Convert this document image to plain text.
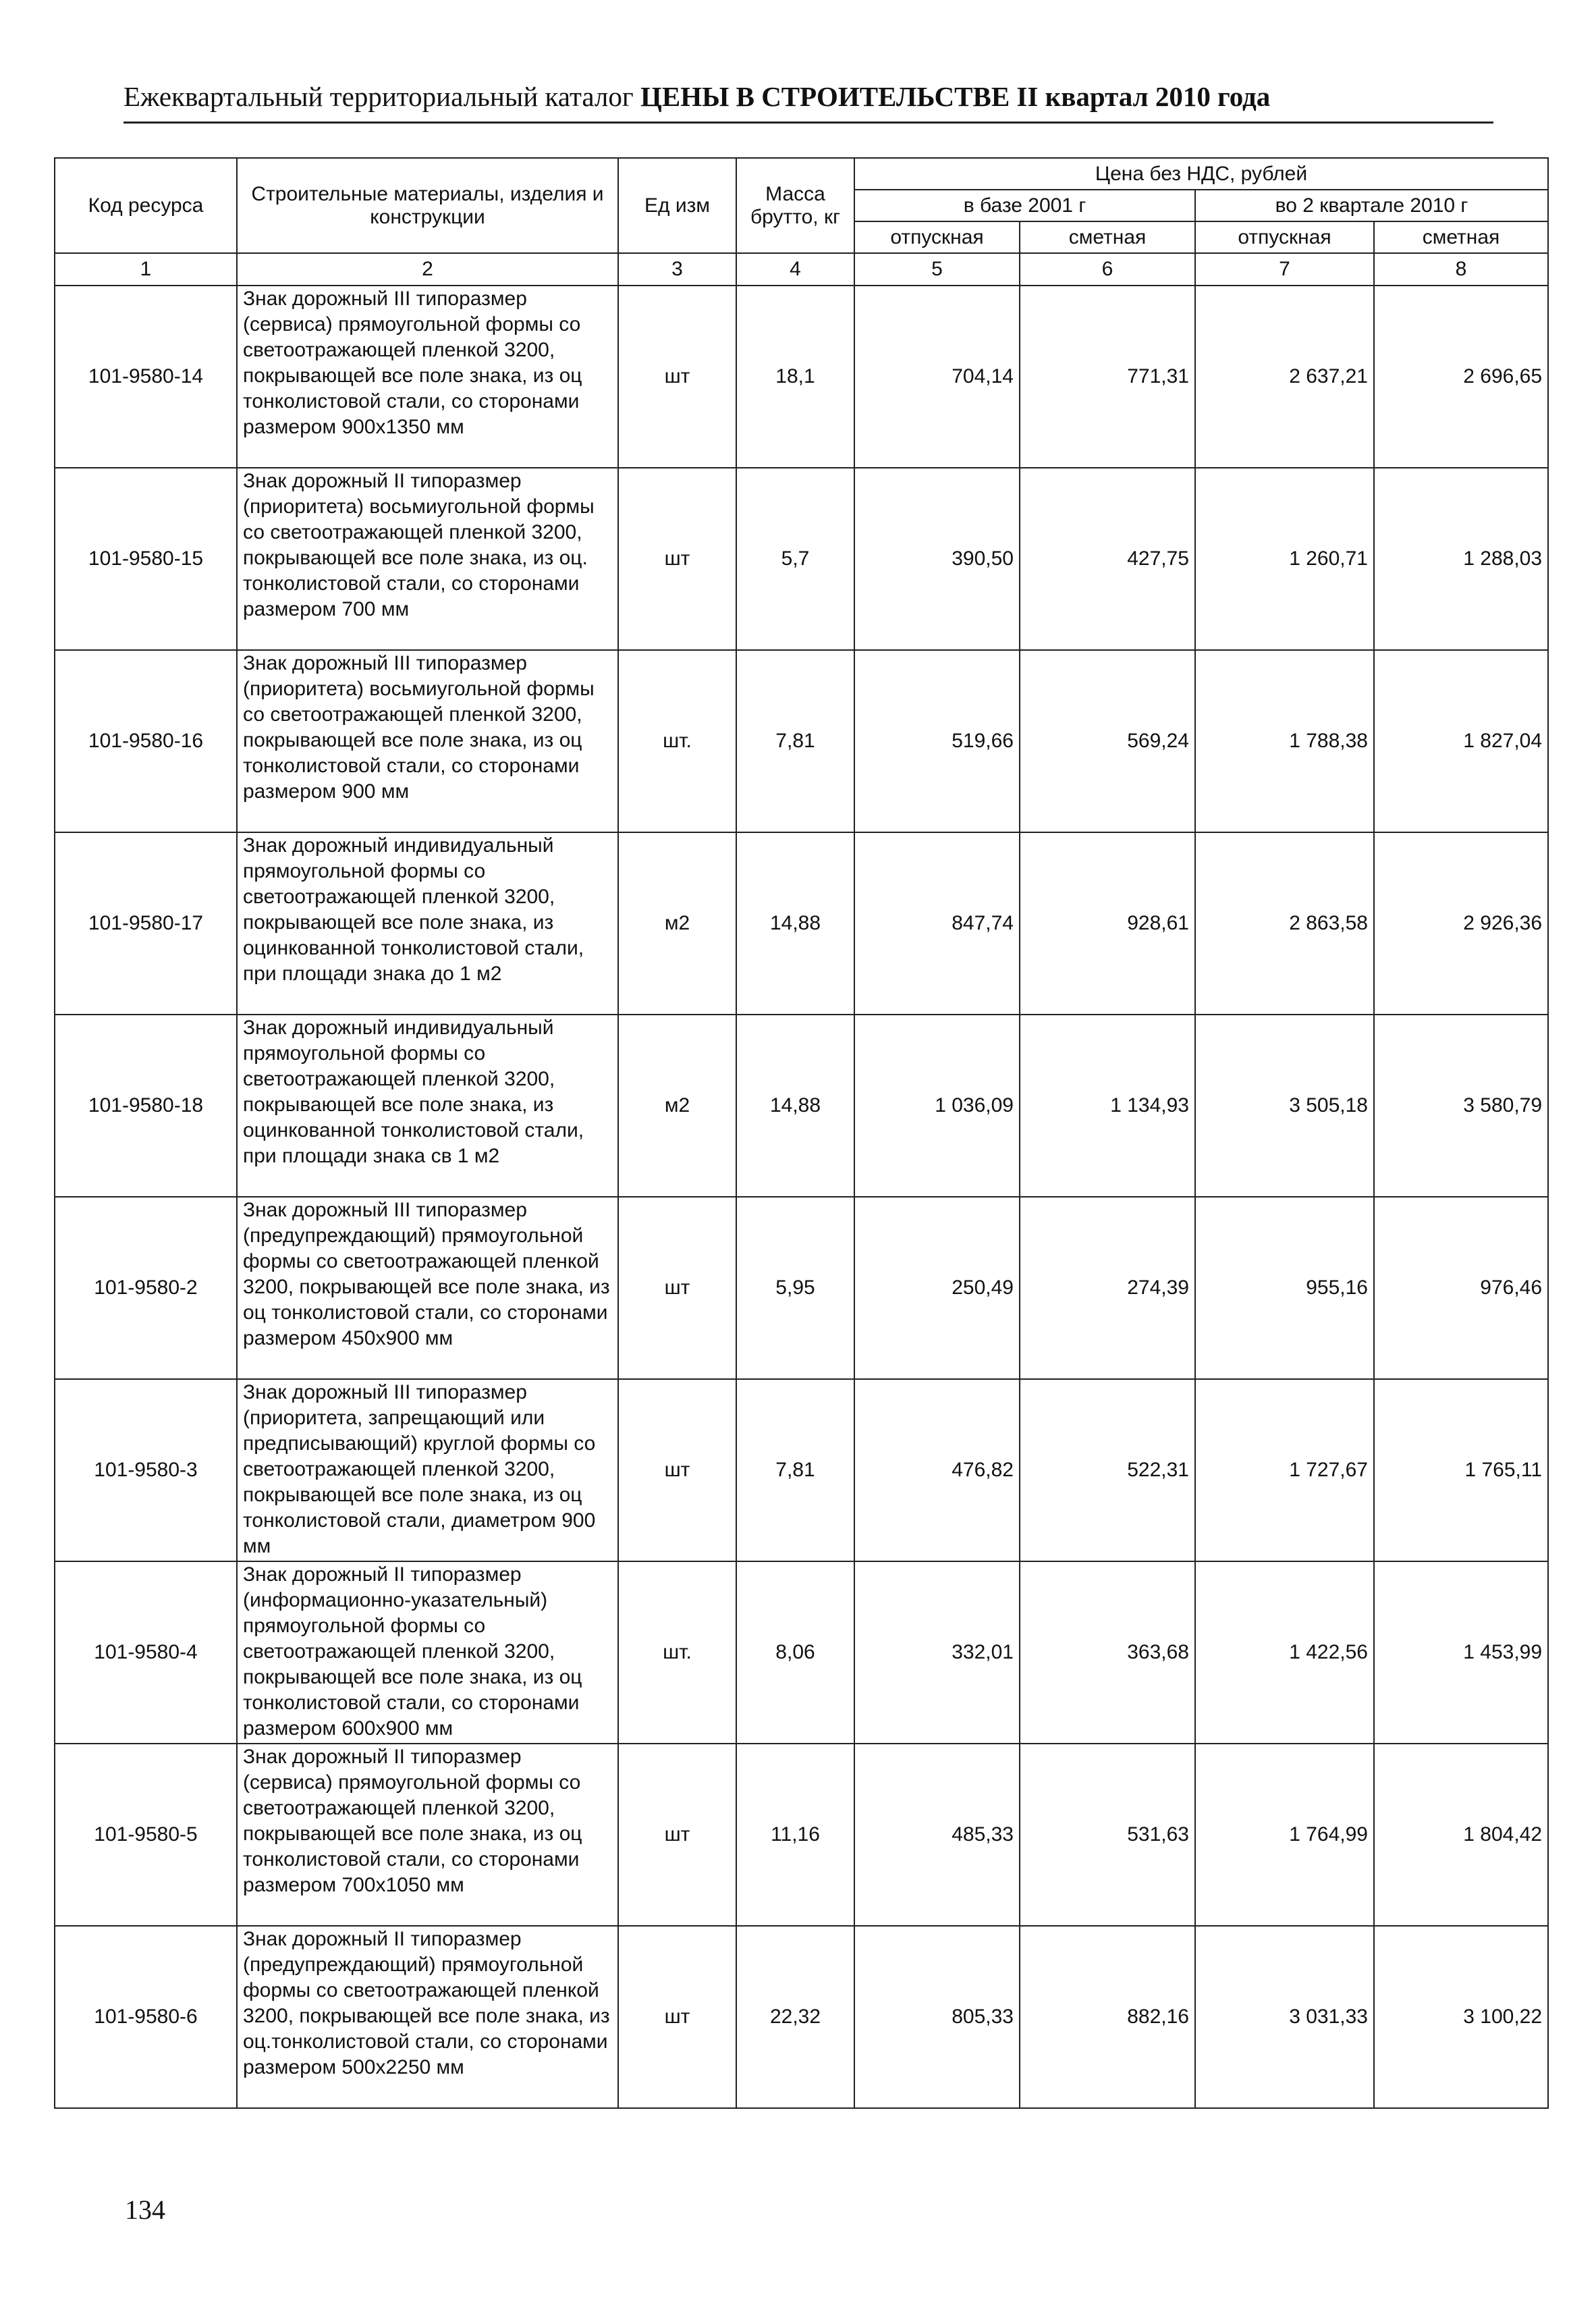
Ежеквартальный территориальный каталог ЦЕНЫ В СТРОИТЕЛЬСТВЕ II квартал 2010 года
Код ресурса	Строительные материалы, изделия и конструкции	Ед изм	Масса брутто, кг	Цена без НДС, рублей			
				в базе 2001 г		во 2 квартале 2010 г	
				отпускная	сметная	отпускная	сметная
1	2	3	4	5	6	7	8
101-9580-14	Знак дорожный III типоразмер (сервиса) прямоугольной формы со светоотражающей пленкой 3200, покрывающей все поле знака, из оц тонколистовой стали, со сторонами размером 900х1350 мм	шт	18,1	704,14	771,31	2 637,21	2 696,65
101-9580-15	Знак дорожный II типоразмер (приоритета) восьмиугольной формы со светоотражающей пленкой 3200, покрывающей все поле знака, из оц. тонколистовой стали, со сторонами размером 700 мм	шт	5,7	390,50	427,75	1 260,71	1 288,03
101-9580-16	Знак дорожный III типоразмер (приоритета) восьмиугольной формы со светоотражающей пленкой 3200, покрывающей все поле знака, из оц тонколистовой стали, со сторонами размером 900 мм	шт.	7,81	519,66	569,24	1 788,38	1 827,04
101-9580-17	Знак дорожный индивидуальный прямоугольной формы со светоотражающей пленкой 3200, покрывающей все поле знака, из оцинкованной тонколистовой стали, при площади знака до 1 м2	м2	14,88	847,74	928,61	2 863,58	2 926,36
101-9580-18	Знак дорожный индивидуальный прямоугольной формы со светоотражающей пленкой 3200, покрывающей все поле знака, из оцинкованной тонколистовой стали, при площади знака св 1 м2	м2	14,88	1 036,09	1 134,93	3 505,18	3 580,79
101-9580-2	Знак дорожный III типоразмер (предупреждающий) прямоугольной формы со светоотражающей пленкой 3200, покрывающей все поле знака, из оц тонколистовой стали, со сторонами размером 450х900 мм	шт	5,95	250,49	274,39	955,16	976,46
101-9580-3	Знак дорожный III типоразмер (приоритета, запрещающий или предписывающий) круглой формы со светоотражающей пленкой 3200, покрывающей все поле знака, из оц тонколистовой стали, диаметром 900 мм	шт	7,81	476,82	522,31	1 727,67	1 765,11
101-9580-4	Знак дорожный II типоразмер (информационно-указательный) прямоугольной формы со светоотражающей пленкой 3200, покрывающей все поле знака, из оц тонколистовой стали, со сторонами размером 600х900 мм	шт.	8,06	332,01	363,68	1 422,56	1 453,99
101-9580-5	Знак дорожный II типоразмер (сервиса) прямоугольной формы со светоотражающей пленкой 3200, покрывающей все поле знака, из оц тонколистовой стали, со сторонами размером 700х1050 мм	шт	11,16	485,33	531,63	1 764,99	1 804,42
101-9580-6	Знак дорожный II типоразмер (предупреждающий) прямоугольной формы со светоотражающей пленкой 3200, покрывающей все поле знака, из оц.тонколистовой стали, со сторонами размером 500х2250 мм	шт	22,32	805,33	882,16	3 031,33	3 100,22
134
